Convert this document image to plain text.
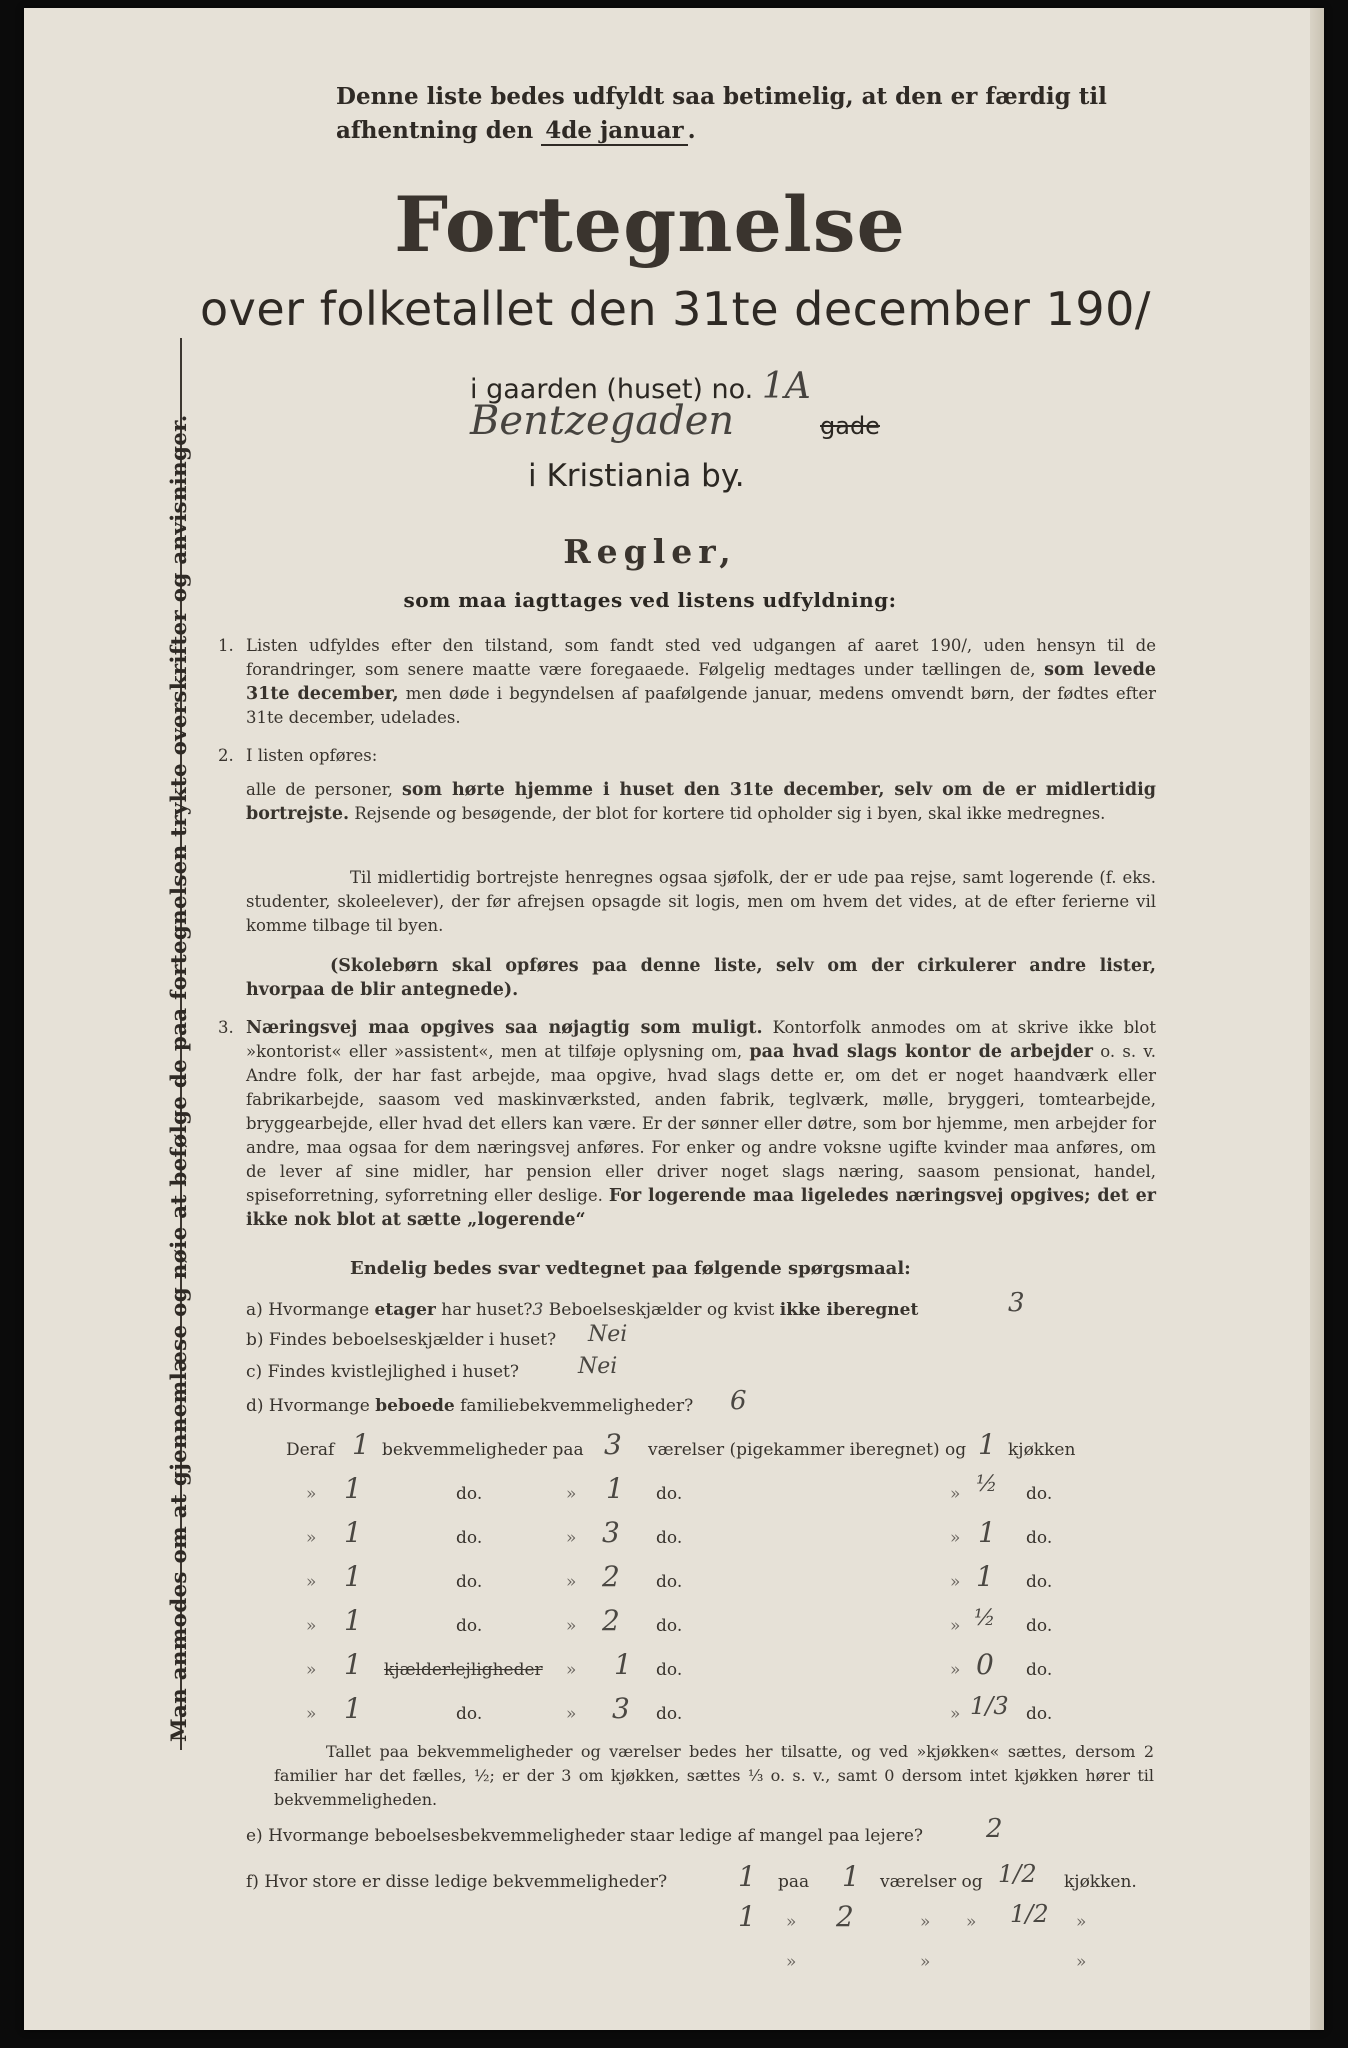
Man anmodes om at gjennemlæse og nøie at befølge de paa fortegnelsen trykte overskrifter og anvisninger.
Denne liste bedes udfyldt saa betimelig, at den er færdig til
afhentning den 4de januar .
Fortegnelse
over folketallet den 31te december 190/
i gaarden (huset) no. 1A
Bentzegaden	gade
i Kristiania by.
Regler,
som maa iagttages ved listens udfyldning:
1. Listen udfyldes efter den tilstand, som fandt sted ved udgangen af aaret 190/, uden hensyn til de forandringer, som senere maatte være foregaaede. Følgelig medtages under tællingen de, som levede 31te december, men døde i begyndelsen af paafølgende januar, medens omvendt børn, der fødtes efter 31te december, udelades.
2. I listen opføres:
alle de personer, som hørte hjemme i huset den 31te december, selv om de er midlertidig bortrejste. Rejsende og besøgende, der blot for kortere tid opholder sig i byen, skal ikke medregnes.
Til midlertidig bortrejste henregnes ogsaa sjøfolk, der er ude paa rejse, samt logerende (f. eks. studenter, skoleelever), der før afrejsen opsagde sit logis, men om hvem det vides, at de efter ferierne vil komme tilbage til byen.
(Skolebørn skal opføres paa denne liste, selv om der cirkulerer andre lister, hvorpaa de blir antegnede).
3. Næringsvej maa opgives saa nøjagtig som muligt. Kontorfolk anmodes om at skrive ikke blot »kontorist« eller »assistent«, men at tilføje oplysning om, paa hvad slags kontor de arbejder o. s. v. Andre folk, der har fast arbejde, maa opgive, hvad slags dette er, om det er noget haandværk eller fabrikarbejde, saasom ved maskinværksted, anden fabrik, teglværk, mølle, bryggeri, tomtearbejde, bryggearbejde, eller hvad det ellers kan være. Er der sønner eller døtre, som bor hjemme, men arbejder for andre, maa ogsaa for dem næringsvej anføres. For enker og andre voksne ugifte kvinder maa anføres, om de lever af sine midler, har pension eller driver noget slags næring, saasom pensionat, handel, spiseforretning, syforretning eller deslige. For logerende maa ligeledes næringsvej opgives; det er ikke nok blot at sætte „logerende“
Endelig bedes svar vedtegnet paa følgende spørgsmaal:
a) Hvormange etager har huset?3 Beboelseskjælder og kvist ikke iberegnet	3
b) Findes beboelseskjælder i huset? Nei
c) Findes kvistlejlighed i huset?	Nei
d) Hvormange beboede familiebekvemmeligheder? 6
Deraf 1 bekvemmeligheder paa 3 værelser (pigekammer iberegnet) og 1 kjøkken
» 1	do.	» 1 do.	» ½ do.
» 1	do.	» 3 do.	» 1 do.
» 1	do.	» 2 do.	» 1 do.
» 1	do.	» 2 do.	» ½ do.
» 1 kjælderlejligheder » 1 do.	» 0 do.
» 1	do.	» 3 do.	» 1/3 do.
Tallet paa bekvemmeligheder og værelser bedes her tilsatte, og ved »kjøkken« sættes, dersom 2 familier har det fælles, ½; er der 3 om kjøkken, sættes ⅓ o. s. v., samt 0 dersom intet kjøkken hører til bekvemmeligheden.
e) Hvormange beboelsesbekvemmeligheder staar ledige af mangel paa lejere? 2
f) Hvor store er disse ledige bekvemmeligheder?	1 paa 1 værelser og 1/2 kjøkken.
1 » 2	» » 1/2 »
»	»	»
